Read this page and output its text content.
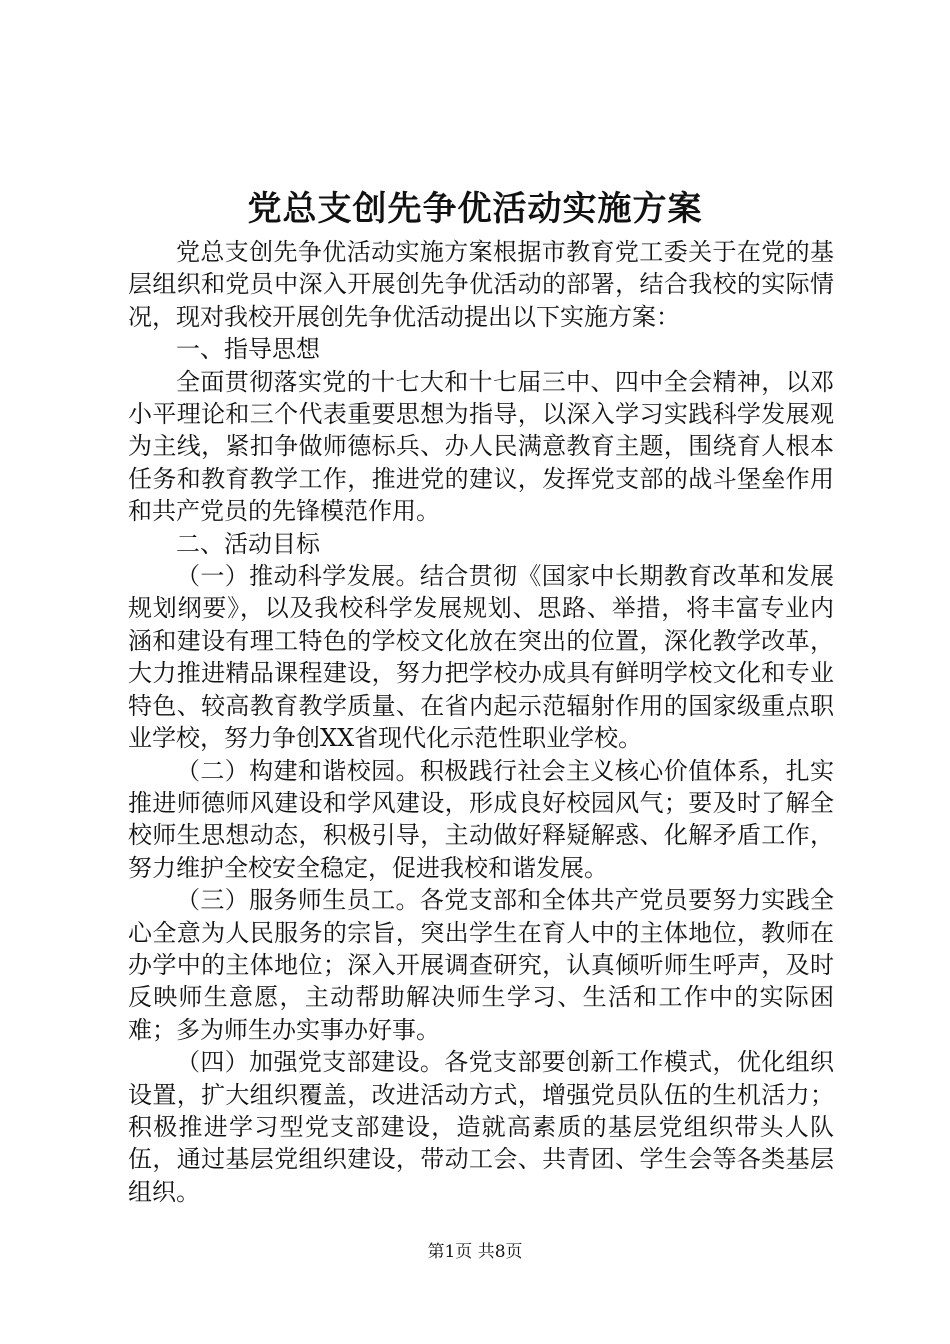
党总支创先争优活动实施方案

党总支创先争优活动实施方案根据市教育党工委关于在党的基层组织和党员中深入开展创先争优活动的部署，结合我校的实际情况，现对我校开展创先争优活动提出以下实施方案：

一、指导思想

全面贯彻落实党的十七大和十七届三中、四中全会精神，以邓小平理论和三个代表重要思想为指导，以深入学习实践科学发展观为主线，紧扣争做师德标兵、办人民满意教育主题，围绕育人根本任务和教育教学工作，推进党的建议，发挥党支部的战斗堡垒作用和共产党员的先锋模范作用。

二、活动目标

（一）推动科学发展。结合贯彻《国家中长期教育改革和发展规划纲要》，以及我校科学发展规划、思路、举措，将丰富专业内涵和建设有理工特色的学校文化放在突出的位置，深化教学改革，大力推进精品课程建设，努力把学校办成具有鲜明学校文化和专业特色、较高教育教学质量、在省内起示范辐射作用的国家级重点职业学校，努力争创XX省现代化示范性职业学校。

（二）构建和谐校园。积极践行社会主义核心价值体系，扎实推进师德师风建设和学风建设，形成良好校园风气；要及时了解全校师生思想动态，积极引导，主动做好释疑解惑、化解矛盾工作，努力维护全校安全稳定，促进我校和谐发展。

（三）服务师生员工。各党支部和全体共产党员要努力实践全心全意为人民服务的宗旨，突出学生在育人中的主体地位，教师在办学中的主体地位；深入开展调查研究，认真倾听师生呼声，及时反映师生意愿，主动帮助解决师生学习、生活和工作中的实际困难；多为师生办实事办好事。

（四）加强党支部建设。各党支部要创新工作模式，优化组织设置，扩大组织覆盖，改进活动方式，增强党员队伍的生机活力；积极推进学习型党支部建设，造就高素质的基层党组织带头人队伍，通过基层党组织建设，带动工会、共青团、学生会等各类基层组织。

第1页 共8页
